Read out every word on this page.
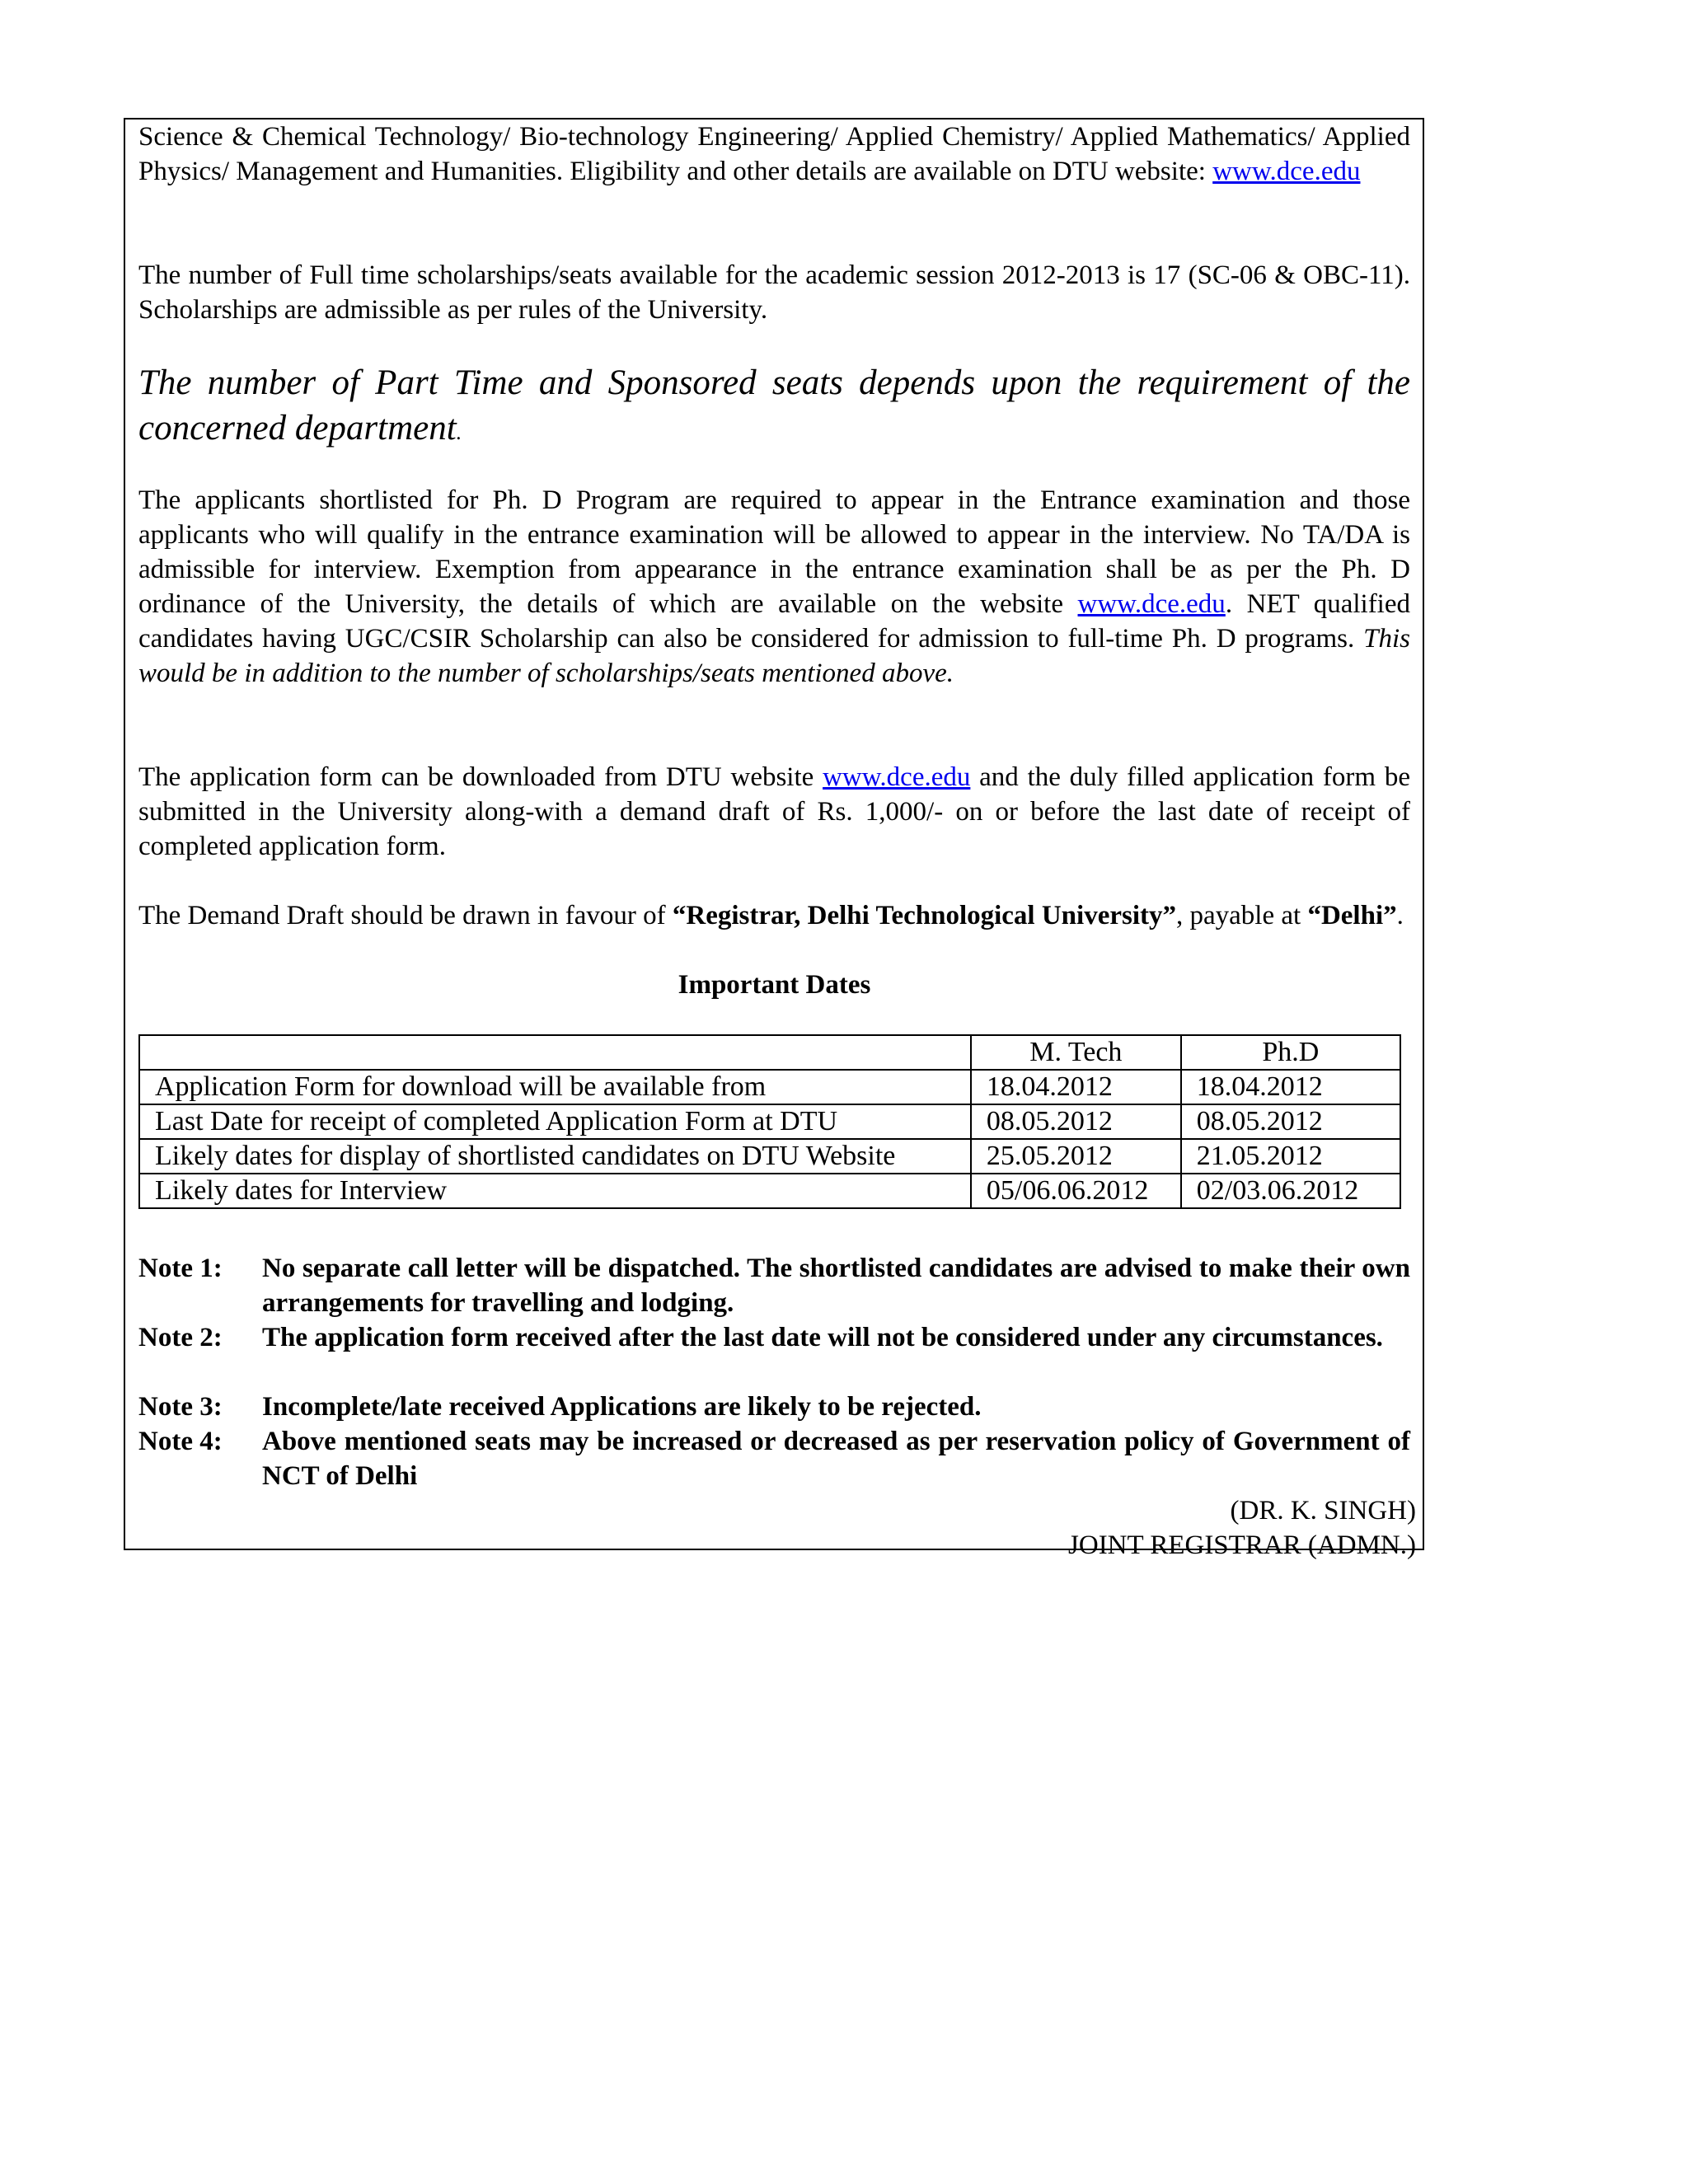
Science & Chemical Technology/ Bio-technology Engineering/ Applied Chemistry/ Applied Mathematics/ Applied Physics/ Management and Humanities. Eligibility and other details are available on DTU website: www.dce.edu

The number of Full time scholarships/seats available for the academic session 2012-2013 is 17 (SC-06 & OBC-11). Scholarships are admissible as per rules of the University.

The number of Part Time and Sponsored seats depends upon the requirement of the concerned department.

The applicants shortlisted for Ph. D Program are required to appear in the Entrance examination and those applicants who will qualify in the entrance examination will be allowed to appear in the interview. No TA/DA is admissible for interview. Exemption from appearance in the entrance examination shall be as per the Ph. D ordinance of the University, the details of which are available on the website www.dce.edu. NET qualified candidates having UGC/CSIR Scholarship can also be considered for admission to full-time Ph. D programs. This would be in addition to the number of scholarships/seats mentioned above.

The application form can be downloaded from DTU website www.dce.edu and the duly filled application form be submitted in the University along-with a demand draft of Rs. 1,000/- on or before the last date of receipt of completed application form.

The Demand Draft should be drawn in favour of “Registrar, Delhi Technological University”, payable at “Delhi”.

Important Dates
	M. Tech	Ph.D
Application Form for download will be available from	18.04.2012	18.04.2012
Last Date for receipt of completed Application Form at DTU	08.05.2012	08.05.2012
Likely dates for display of shortlisted candidates on DTU Website	25.05.2012	21.05.2012
Likely dates for Interview	05/06.06.2012	02/03.06.2012
Note 1: No separate call letter will be dispatched. The shortlisted candidates are advised to make their own arrangements for travelling and lodging.
Note 2: The application form received after the last date will not be considered under any circumstances.
Note 3: Incomplete/late received Applications are likely to be rejected.
Note 4: Above mentioned seats may be increased or decreased as per reservation policy of Government of NCT of Delhi
(DR. K. SINGH)
JOINT REGISTRAR (ADMN.)
